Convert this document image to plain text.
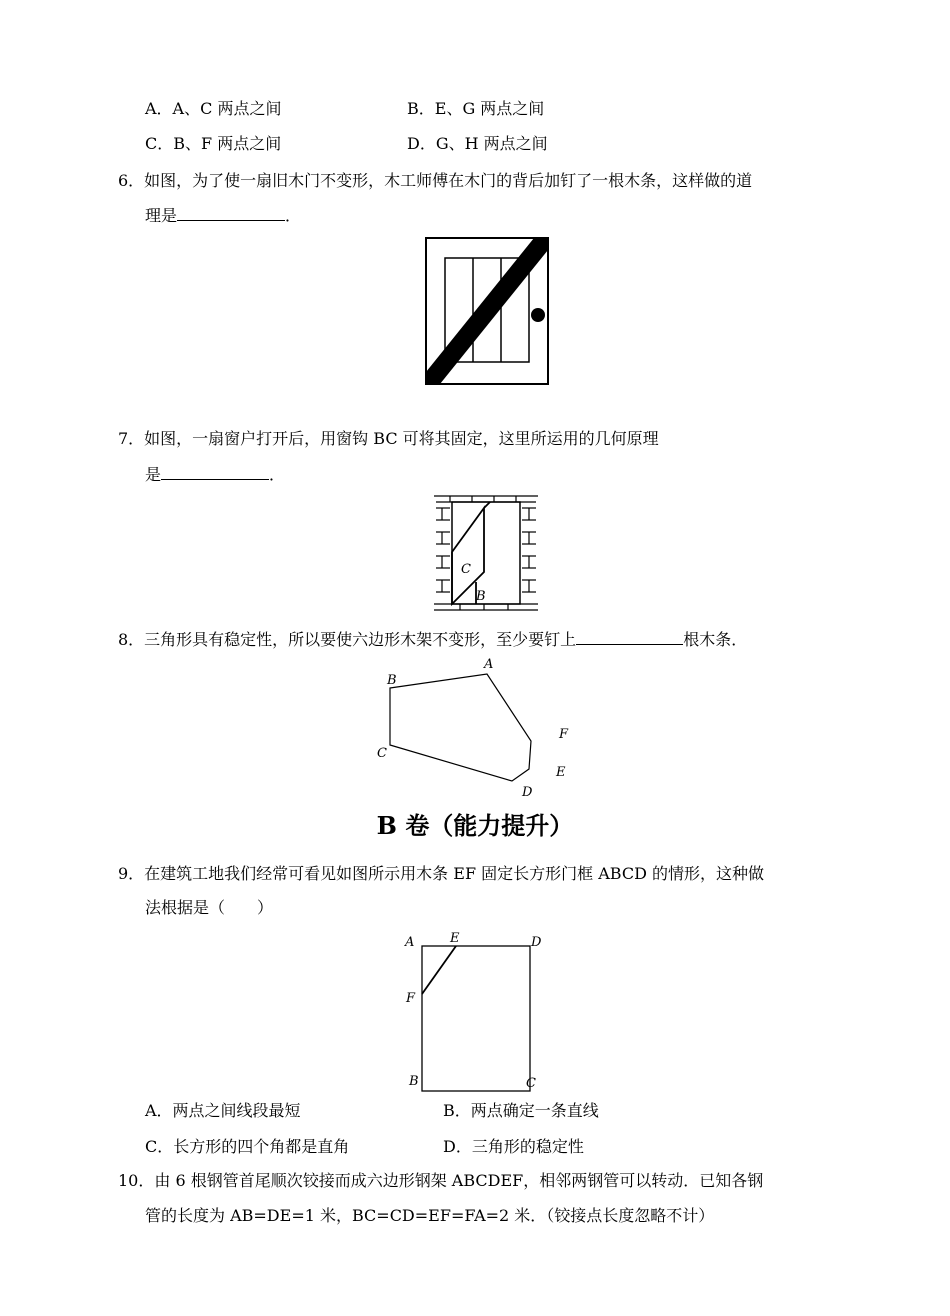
A．A、C 两点之间	B．E、G 两点之间
C．B、F 两点之间	D．G、H 两点之间
6．如图，为了使一扇旧木门不变形，木工师傅在木门的背后加钉了一根木条，这样做的道
理是	．
7．如图，一扇窗户打开后，用窗钩 BC 可将其固定，这里所运用的几何原理
是	．
C
B
8．三角形具有稳定性，所以要使六边形木架不变形，至少要钉上	根木条．
B
A
F
E
D
C
B 卷（能力提升）
9．在建筑工地我们经常可看见如图所示用木条 EF 固定长方形门框 ABCD 的情形，这种做
法根据是（　　）
A	E	D
F
B	C
A．两点之间线段最短	B．两点确定一条直线
C．长方形的四个角都是直角	D．三角形的稳定性
10．由 6 根钢管首尾顺次铰接而成六边形钢架 ABCDEF，相邻两钢管可以转动．已知各钢
管的长度为 AB=DE=1 米，BC=CD=EF=FA=2 米．（铰接点长度忽略不计）
